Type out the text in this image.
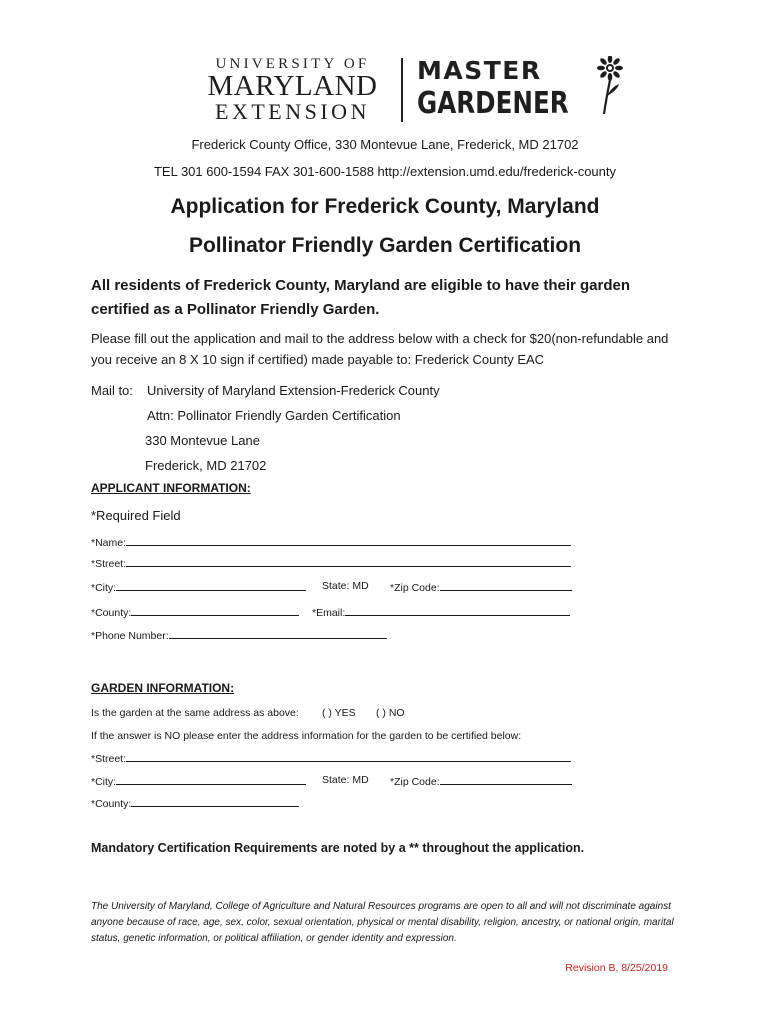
UNIVERSITY OF
MARYLAND
EXTENSION
MASTER
GARDENER
Frederick County Office, 330 Montevue Lane, Frederick, MD 21702
TEL 301 600-1594 FAX 301-600-1588 http://extension.umd.edu/frederick-county
Application for Frederick County, Maryland
Pollinator Friendly Garden Certification
All residents of Frederick County, Maryland are eligible to have their garden certified as a Pollinator Friendly Garden.
Please fill out the application and mail to the address below with a check for $20(non-refundable and you receive an 8 X 10 sign if certified) made payable to: Frederick County EAC
Mail to:	University of Maryland Extension-Frederick County
Attn: Pollinator Friendly Garden Certification
330 Montevue Lane
Frederick, MD 21702
APPLICANT INFORMATION:
*Required Field
*Name:
*Street:
*City:	State: MD *Zip Code:
*County:	*Email:
*Phone Number:
GARDEN INFORMATION:
Is the garden at the same address as above: ( ) YES ( ) NO
If the answer is NO please enter the address information for the garden to be certified below:
*Street:
*City:	State: MD *Zip Code:
*County:
Mandatory Certification Requirements are noted by a ** throughout the application.
The University of Maryland, College of Agriculture and Natural Resources programs are open to all and will not discriminate against anyone because of race, age, sex, color, sexual orientation, physical or mental disability, religion, ancestry, or national origin, marital status, genetic information, or political affiliation, or gender identity and expression.
Revision B, 8/25/2019
